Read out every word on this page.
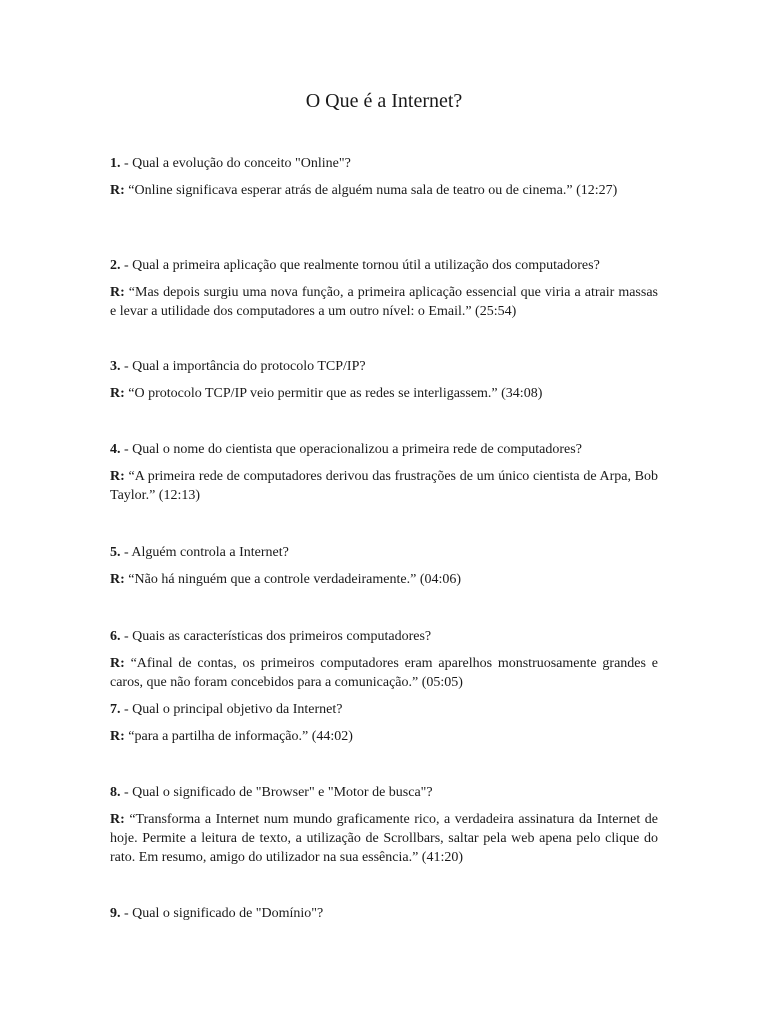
O Que é a Internet?

1. - Qual a evolução do conceito "Online"?

R: “Online significava esperar atrás de alguém numa sala de teatro ou de cinema.” (12:27)

2. - Qual a primeira aplicação que realmente tornou útil a utilização dos computadores?

R: “Mas depois surgiu uma nova função, a primeira aplicação essencial que viria a atrair massas e levar a utilidade dos computadores a um outro nível: o Email.” (25:54)

3. - Qual a importância do protocolo TCP/IP?

R: “O protocolo TCP/IP veio permitir que as redes se interligassem.” (34:08)

4. - Qual o nome do cientista que operacionalizou a primeira rede de computadores?

R: “A primeira rede de computadores derivou das frustrações de um único cientista de Arpa, Bob Taylor.” (12:13)

5. - Alguém controla a Internet?

R: “Não há ninguém que a controle verdadeiramente.” (04:06)

6. - Quais as características dos primeiros computadores?

R: “Afinal de contas, os primeiros computadores eram aparelhos monstruosamente grandes e caros, que não foram concebidos para a comunicação.” (05:05)

7. - Qual o principal objetivo da Internet?

R: “para a partilha de informação.” (44:02)

8. - Qual o significado de "Browser" e "Motor de busca"?

R: “Transforma a Internet num mundo graficamente rico, a verdadeira assinatura da Internet de hoje. Permite a leitura de texto, a utilização de Scrollbars, saltar pela web apena pelo clique do rato. Em resumo, amigo do utilizador na sua essência.” (41:20)

9. - Qual o significado de "Domínio"?
